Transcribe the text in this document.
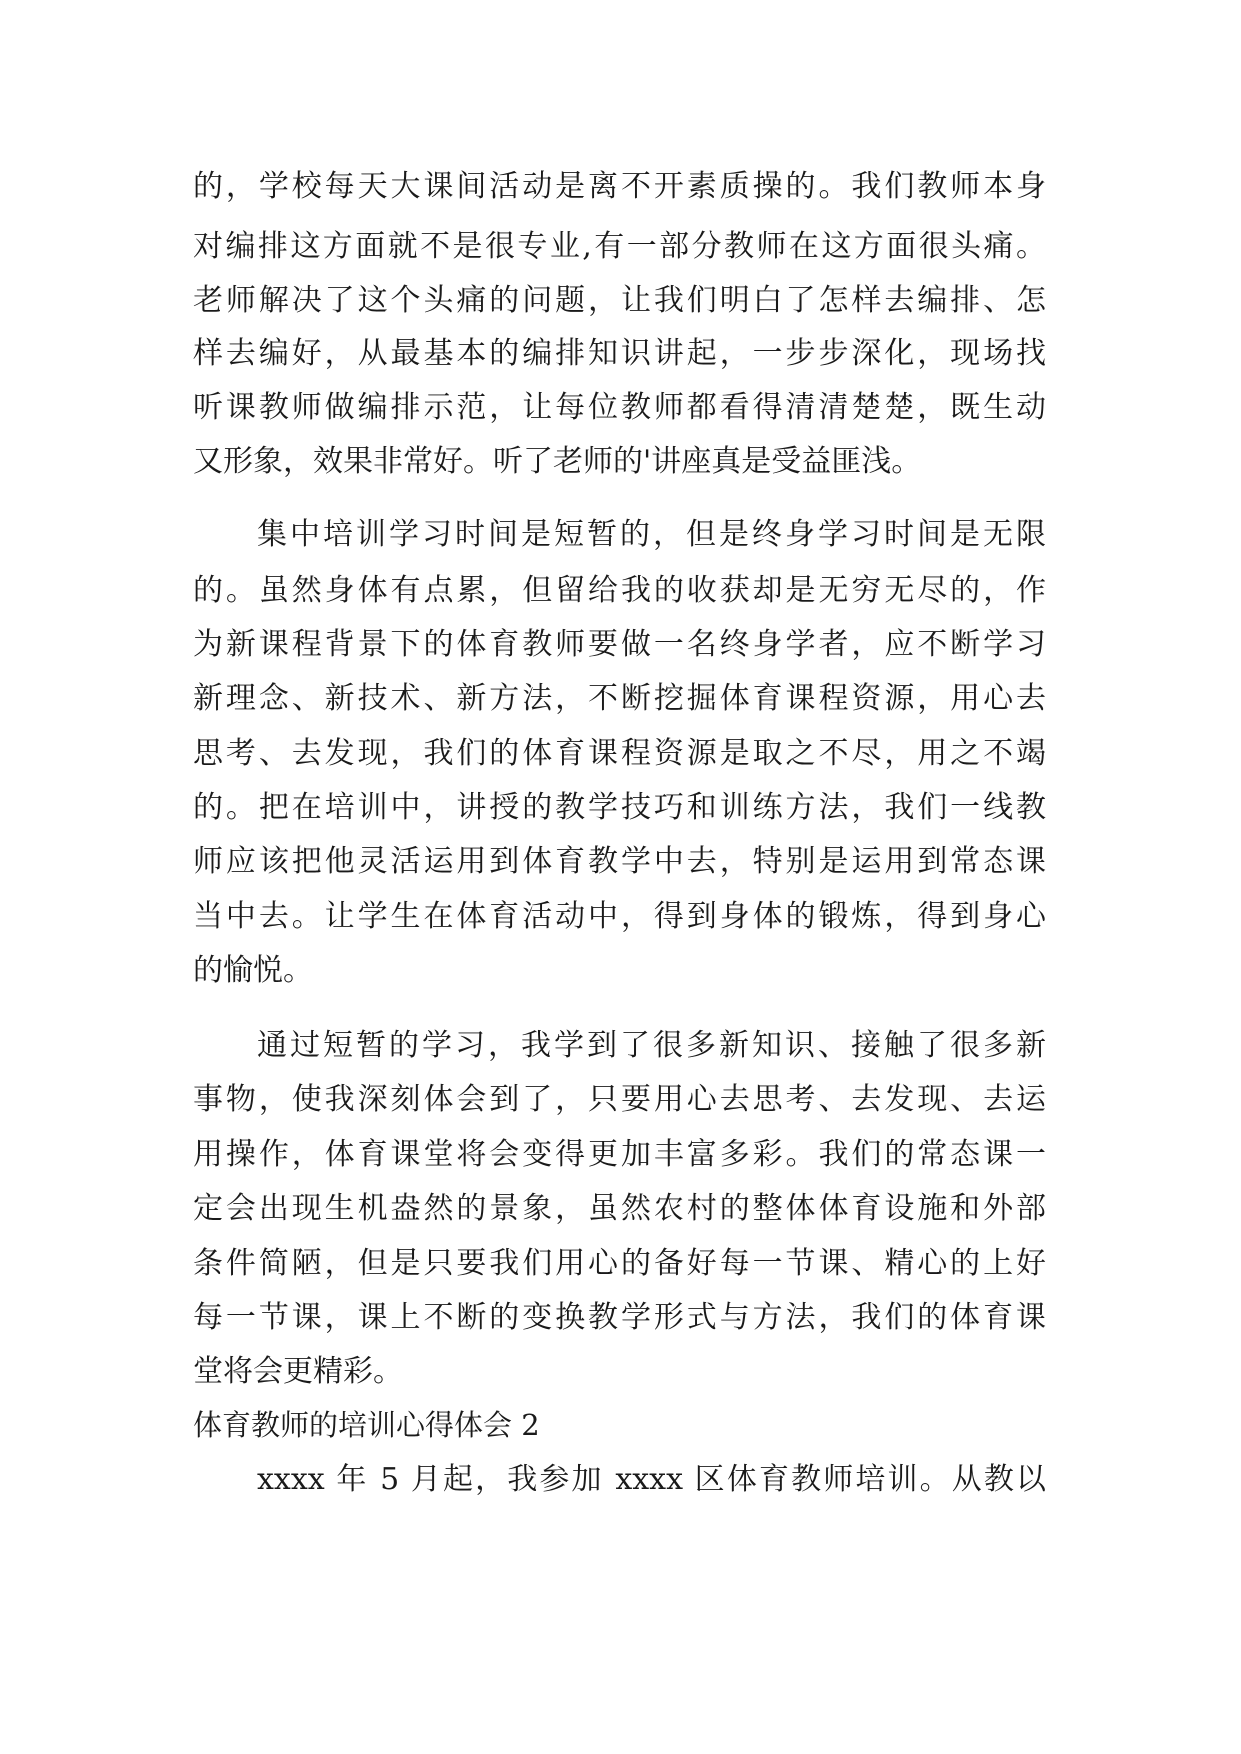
的，学校每天大课间活动是离不开素质操的。我们教师本身
对编排这方面就不是很专业,有一部分教师在这方面很头痛。
老师解决了这个头痛的问题，让我们明白了怎样去编排、怎
样去编好，从最基本的编排知识讲起，一步步深化，现场找
听课教师做编排示范，让每位教师都看得清清楚楚，既生动
又形象，效果非常好。听了老师的'讲座真是受益匪浅。
集中培训学习时间是短暂的，但是终身学习时间是无限
的。虽然身体有点累，但留给我的收获却是无穷无尽的，作
为新课程背景下的体育教师要做一名终身学者，应不断学习
新理念、新技术、新方法，不断挖掘体育课程资源，用心去
思考、去发现，我们的体育课程资源是取之不尽，用之不竭
的。把在培训中，讲授的教学技巧和训练方法，我们一线教
师应该把他灵活运用到体育教学中去，特别是运用到常态课
当中去。让学生在体育活动中，得到身体的锻炼，得到身心
的愉悦。
通过短暂的学习，我学到了很多新知识、接触了很多新
事物，使我深刻体会到了，只要用心去思考、去发现、去运
用操作，体育课堂将会变得更加丰富多彩。我们的常态课一
定会出现生机盎然的景象，虽然农村的整体体育设施和外部
条件简陋，但是只要我们用心的备好每一节课、精心的上好
每一节课，课上不断的变换教学形式与方法，我们的体育课
堂将会更精彩。
体育教师的培训心得体会 2
xxxx 年 5 月起，我参加 xxxx 区体育教师培训。从教以
